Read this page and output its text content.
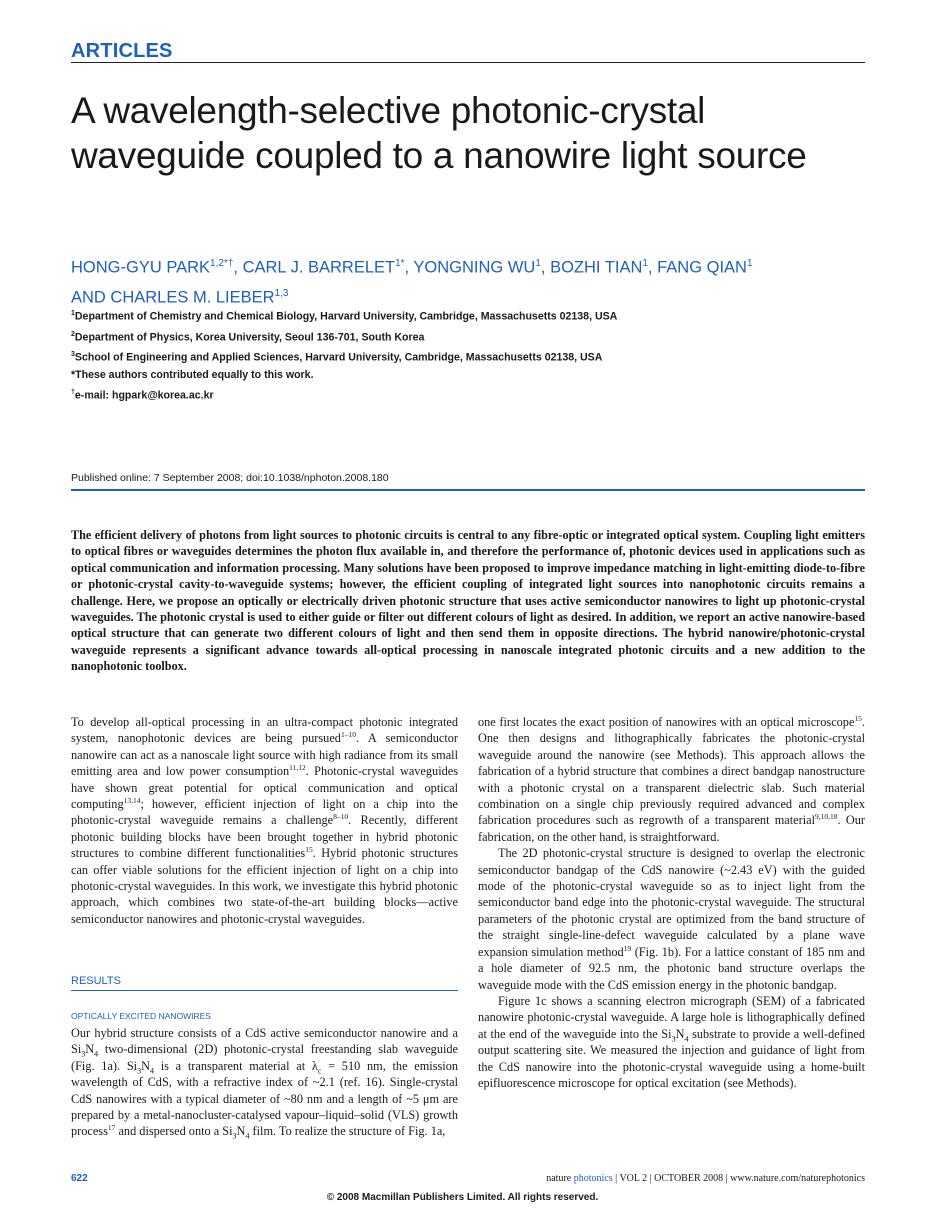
ARTICLES
A wavelength-selective photonic-crystal waveguide coupled to a nanowire light source
HONG-GYU $PARK^{1,2*\dagger}$, CARL J. $BARRELET^{1*}$, YONGNING $WU^1$, BOZHI TIAN$^1$, FANG QIAN$^1$
AND CHARLES M. LIEBER$^{1,3}$
$^1$Department of Chemistry and Chemical Biology, Harvard University, Cambridge, Massachusetts 02138, USA
$^2$Department of Physics, Korea University, Seoul 136-701, South Korea
$^3$School of Engineering and Applied Sciences, Harvard University, Cambridge, Massachusetts 02138, USA
*These authors contributed equally to this work.
†e-mail: hgpark@korea.ac.kr
Published online: 7 September 2008; doi:10.1038/nphoton.2008.180

The efficient delivery of photons from light sources to photonic circuits is central to any fibre-optic or integrated optical system. Coupling light emitters to optical fibres or waveguides determines the photon flux available in, and therefore the performance of, photonic devices used in applications such as optical communication and information processing. Many solutions have been proposed to improve impedance matching in light-emitting diode-to-fibre or photonic-crystal cavity-to-waveguide systems; however, the efficient coupling of integrated light sources into nanophotonic circuits remains a challenge. Here, we propose an optically or electrically driven photonic structure that uses active semiconductor nanowires to light up photonic-crystal waveguides. The photonic crystal is used to either guide or filter out different colours of light as desired. In addition, we report an active nanowire-based optical structure that can generate two different colours of light and then send them in opposite directions. The hybrid nanowire/photonic-crystal waveguide represents a significant advance towards all-optical processing in nanoscale integrated photonic circuits and a new addition to the nanophotonic toolbox.

To develop all-optical processing in an ultra-compact photonic integrated system, nanophotonic devices are being pursued$^{1-10}$. A semiconductor nanowire can act as a nanoscale light source with high radiance from its small emitting area and low power consumption$^{11,12}$. Photonic-crystal waveguides have shown great potential for optical communication and optical computing$^{13,14}$; however, efficient injection of light on a chip into the photonic-crystal waveguide remains a challenge$^{8-10}$. Recently, different photonic building blocks have been brought together in hybrid photonic structures to combine different functionalities$^{15}$. Hybrid photonic structures can offer viable solutions for the efficient injection of light on a chip into photonic-crystal waveguides. In this work, we investigate this hybrid photonic approach, which combines two state-of-the-art building blocks—active semiconductor nanowires and photonic-crystal waveguides.

RESULTS
OPTICALLY EXCITED NANOWIRES

Our hybrid structure consists of a CdS active semiconductor nanowire and a $Si_3N_4$ two-dimensional (2D) photonic-crystal freestanding slab waveguide (Fig. 1a). $Si_3N_4$ is a transparent material at $\lambda_c = 510$ nm, the emission wavelength of CdS, with a refractive index of ~2.1 (ref. 16). Single-crystal CdS nanowires with a typical diameter of ~80 nm and a length of ~5 μm are prepared by a metal-nanocluster-catalysed vapour–liquid–solid (VLS) growth process$^{17}$ and dispersed onto a $Si_3N_4$ film. To realize the structure of Fig. 1a,

one first locates the exact position of nanowires with an optical microscope$^{15}$. One then designs and lithographically fabricates the photonic-crystal waveguide around the nanowire (see Methods). This approach allows the fabrication of a hybrid structure that combines a direct bandgap nanostructure with a photonic crystal on a transparent dielectric slab. Such material combination on a single chip previously required advanced and complex fabrication procedures such as regrowth of a transparent material$^{9,10,18}$. Our fabrication, on the other hand, is straightforward.

The 2D photonic-crystal structure is designed to overlap the electronic semiconductor bandgap of the CdS nanowire (~2.43 eV) with the guided mode of the photonic-crystal waveguide so as to inject light from the semiconductor band edge into the photonic-crystal waveguide. The structural parameters of the photonic crystal are optimized from the band structure of the straight single-line-defect waveguide calculated by a plane wave expansion simulation method$^{19}$ (Fig. 1b). For a lattice constant of 185 nm and a hole diameter of 92.5 nm, the photonic band structure overlaps the waveguide mode with the CdS emission energy in the photonic bandgap.

Figure 1c shows a scanning electron micrograph (SEM) of a fabricated nanowire photonic-crystal waveguide. A large hole is lithographically defined at the end of the waveguide into the $Si_3N_4$ substrate to provide a well-defined output scattering site. We measured the injection and guidance of light from the CdS nanowire into the photonic-crystal waveguide using a home-built epifluorescence microscope for optical excitation (see Methods).

622	nature photonics | VOL 2 | OCTOBER 2008 | www.nature.com/naturephotonics
© 2008 Macmillan Publishers Limited. All rights reserved.
